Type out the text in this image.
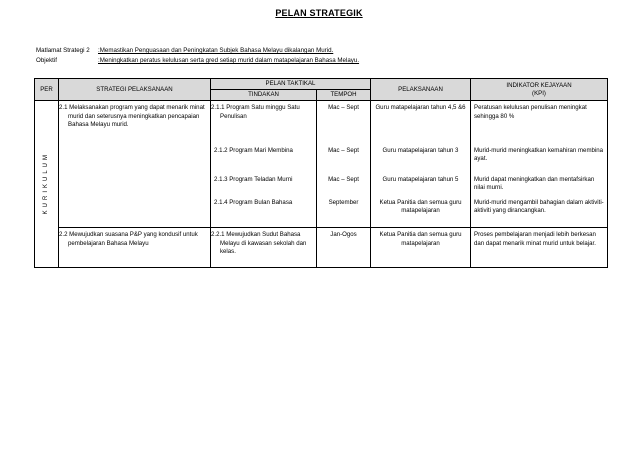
PELAN STRATEGIK
Matlamat Strategi 2 :Memastikan Penguasaan dan Peningkatan Subjek Bahasa Melayu dikalangan Murid.
Objektif	:Meningkatkan peratus kelulusan serta gred setiap murid dalam matapelajaran Bahasa Melayu.
PER	STRATEGI PELAKSANAAN	PELAN TAKTIKAL		PELAKSANAAN	INDIKATOR KEJAYAAN
(KPI)

		TINDAKAN	TEMPOH		
KURIKULUM	2.1 Melaksanakan program yang dapat menarik minat murid dan seterusnya meningkatkan pencapaian Bahasa Melayu murid.	2.1.1 Program Satu minggu Satu Penulisan	Mac – Sept	Guru matapelajaran tahun 4,5 &6	Peratusan kelulusan penulisan meningkat sehingga 80 %
		2.1.2 Program Mari Membina	Mac – Sept	Guru matapelajaran tahun 3	Murid-murid meningkatkan kemahiran membina ayat.
		2.1.3 Program Teladan Murni	Mac – Sept	Guru matapelajaran tahun 5	Murid dapat meningkatkan dan mentafsirkan nilai murni.
		2.1.4 Program Bulan Bahasa	September	Ketua Panitia dan semua guru matapelajaran	Murid-murid mengambil bahagian dalam aktiviti-aktiviti yang dirancangkan.
	2.2 Mewujudkan suasana P&P yang kondusif untuk pembelajaran Bahasa Melayu	2.2.1 Mewujudkan Sudut Bahasa Melayu di kawasan sekolah dan kelas.	Jan-Ogos	Ketua Panitia dan semua guru matapelajaran	Proses pembelajaran menjadi lebih berkesan dan dapat menarik minat murid untuk belajar.
